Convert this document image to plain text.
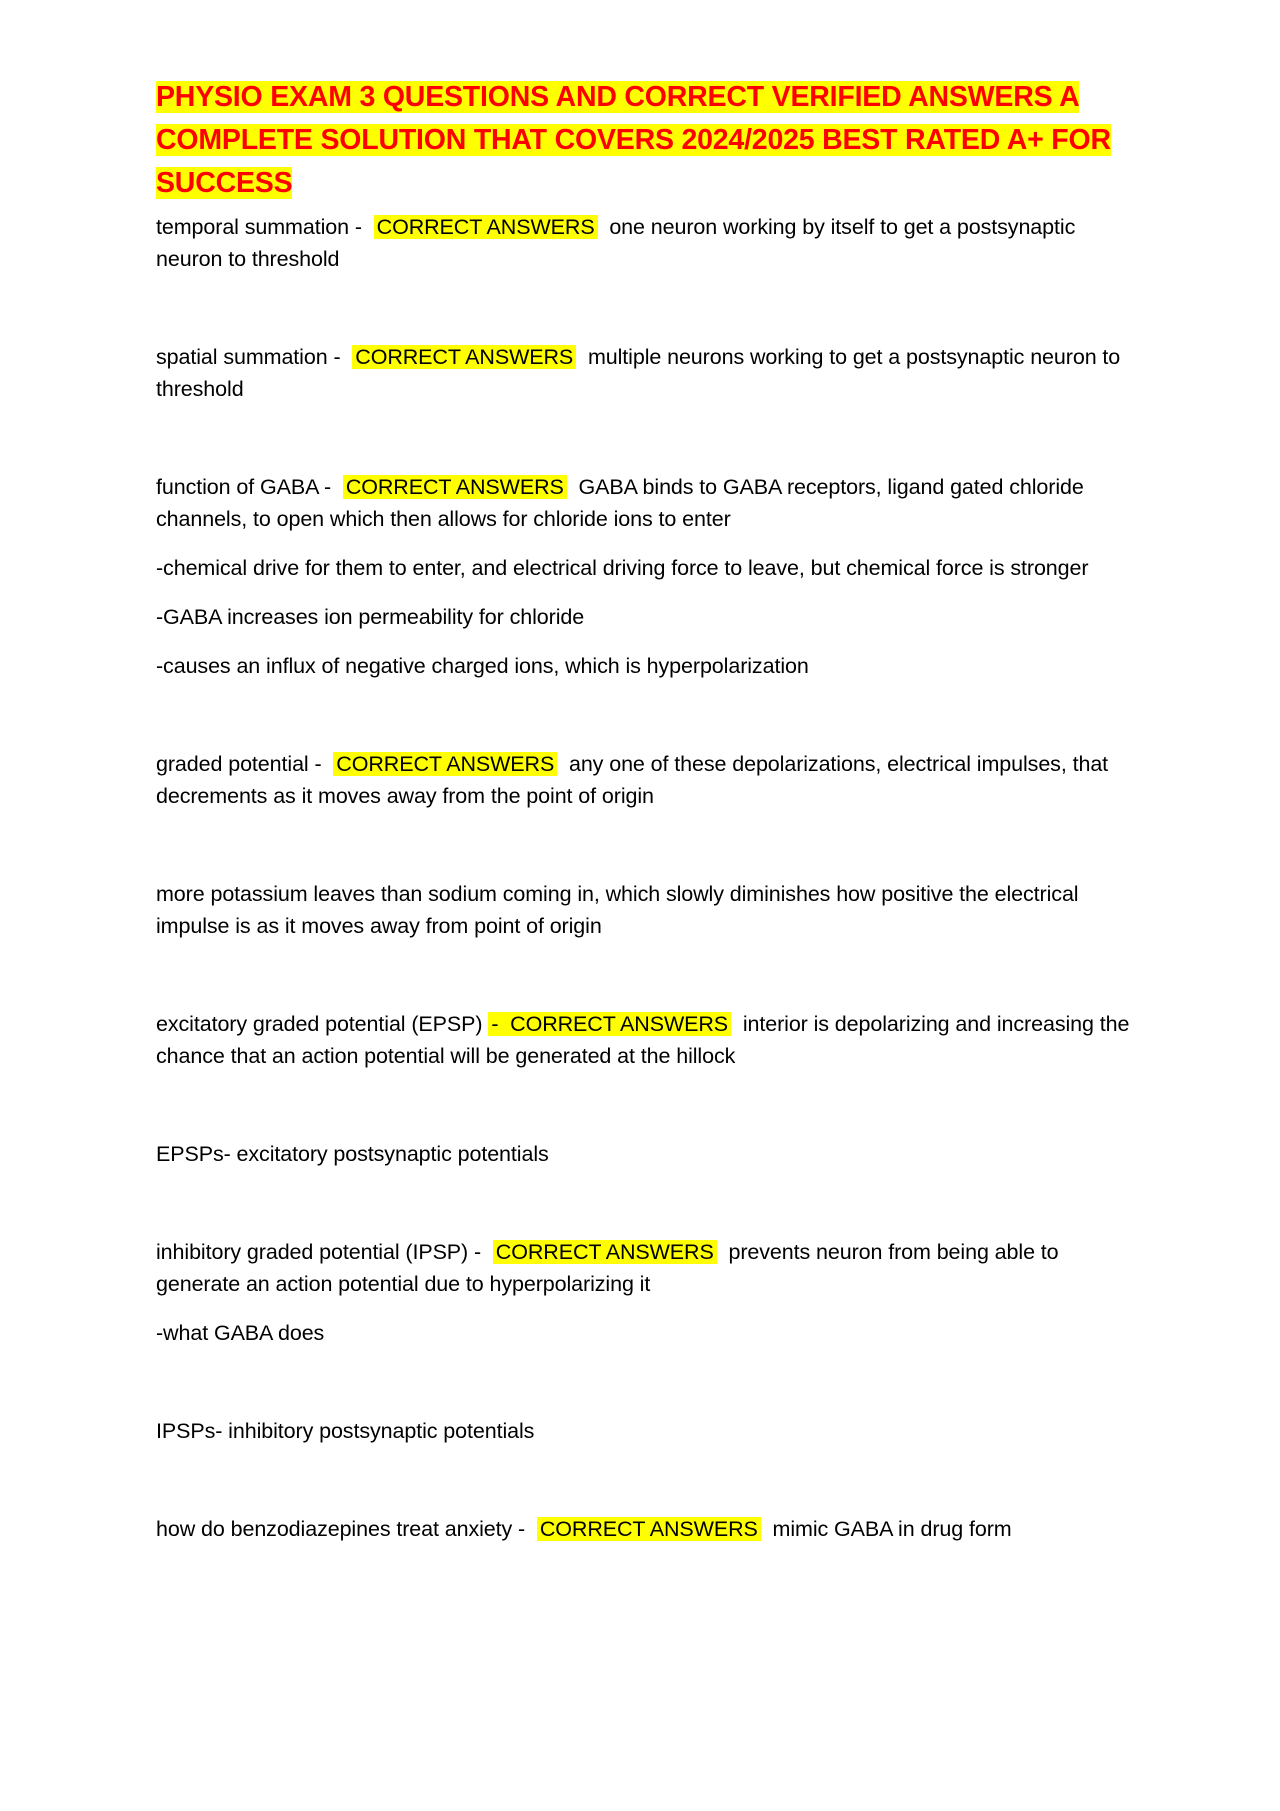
PHYSIO EXAM 3 QUESTIONS AND CORRECT VERIFIED ANSWERS A COMPLETE SOLUTION THAT COVERS 2024/2025 BEST RATED A+ FOR SUCCESS

temporal summation - CORRECT ANSWERS one neuron working by itself to get a postsynaptic neuron to threshold

spatial summation - CORRECT ANSWERS multiple neurons working to get a postsynaptic neuron to threshold

function of GABA - CORRECT ANSWERS GABA binds to GABA receptors, ligand gated chloride channels, to open which then allows for chloride ions to enter

-chemical drive for them to enter, and electrical driving force to leave, but chemical force is stronger

-GABA increases ion permeability for chloride

-causes an influx of negative charged ions, which is hyperpolarization

graded potential - CORRECT ANSWERS any one of these depolarizations, electrical impulses, that decrements as it moves away from the point of origin

more potassium leaves than sodium coming in, which slowly diminishes how positive the electrical impulse is as it moves away from point of origin

excitatory graded potential (EPSP) - CORRECT ANSWERS interior is depolarizing and increasing the chance that an action potential will be generated at the hillock

EPSPs- excitatory postsynaptic potentials

inhibitory graded potential (IPSP) - CORRECT ANSWERS prevents neuron from being able to generate an action potential due to hyperpolarizing it

-what GABA does

IPSPs- inhibitory postsynaptic potentials

how do benzodiazepines treat anxiety - CORRECT ANSWERS mimic GABA in drug form
